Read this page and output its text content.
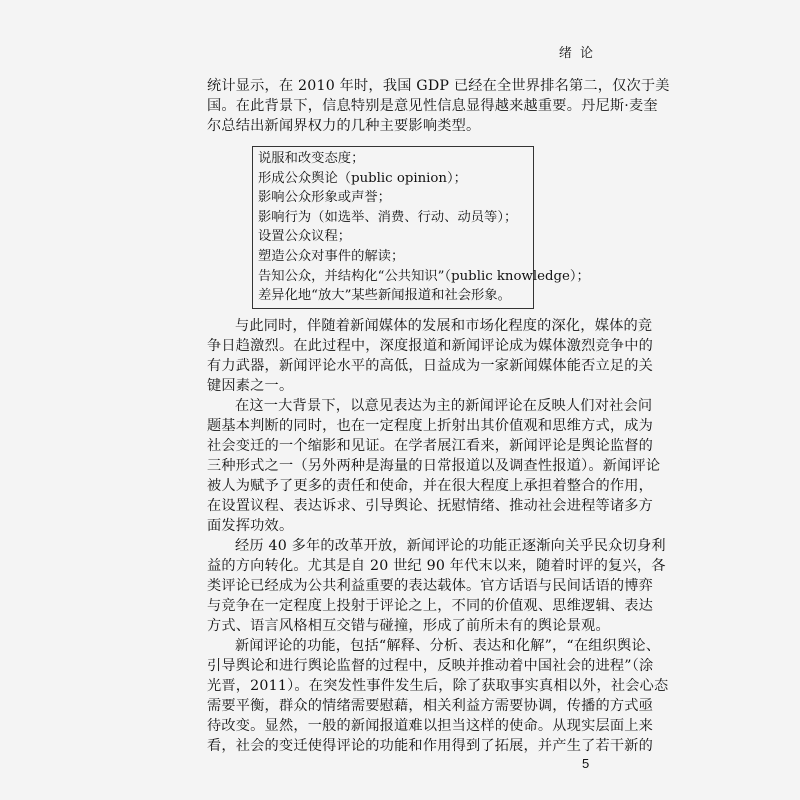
绪 论
统计显示，在 2010 年时，我国 GDP 已经在全世界排名第二，仅次于美
国。在此背景下，信息特别是意见性信息显得越来越重要。丹尼斯·麦奎
尔总结出新闻界权力的几种主要影响类型。
说服和改变态度；
形成公众舆论（public opinion）；
影响公众形象或声誉；
影响行为（如选举、消费、行动、动员等）；
设置公众议程；
塑造公众对事件的解读；
告知公众，并结构化“公共知识”（public knowledge）；
差异化地“放大”某些新闻报道和社会形象。
与此同时，伴随着新闻媒体的发展和市场化程度的深化，媒体的竞
争日趋激烈。在此过程中，深度报道和新闻评论成为媒体激烈竞争中的
有力武器，新闻评论水平的高低，日益成为一家新闻媒体能否立足的关
键因素之一。
在这一大背景下，以意见表达为主的新闻评论在反映人们对社会问
题基本判断的同时，也在一定程度上折射出其价值观和思维方式，成为
社会变迁的一个缩影和见证。在学者展江看来，新闻评论是舆论监督的
三种形式之一（另外两种是海量的日常报道以及调查性报道）。新闻评论
被人为赋予了更多的责任和使命，并在很大程度上承担着整合的作用，
在设置议程、表达诉求、引导舆论、抚慰情绪、推动社会进程等诸多方
面发挥功效。
经历 40 多年的改革开放，新闻评论的功能正逐渐向关乎民众切身利
益的方向转化。尤其是自 20 世纪 90 年代末以来，随着时评的复兴，各
类评论已经成为公共利益重要的表达载体。官方话语与民间话语的博弈
与竞争在一定程度上投射于评论之上，不同的价值观、思维逻辑、表达
方式、语言风格相互交错与碰撞，形成了前所未有的舆论景观。
新闻评论的功能，包括“解释、分析、表达和化解”，“在组织舆论、
引导舆论和进行舆论监督的过程中，反映并推动着中国社会的进程”（涂
光晋，2011）。在突发性事件发生后，除了获取事实真相以外，社会心态
需要平衡，群众的情绪需要慰藉，相关利益方需要协调，传播的方式亟
待改变。显然，一般的新闻报道难以担当这样的使命。从现实层面上来
看，社会的变迁使得评论的功能和作用得到了拓展，并产生了若干新的
5
